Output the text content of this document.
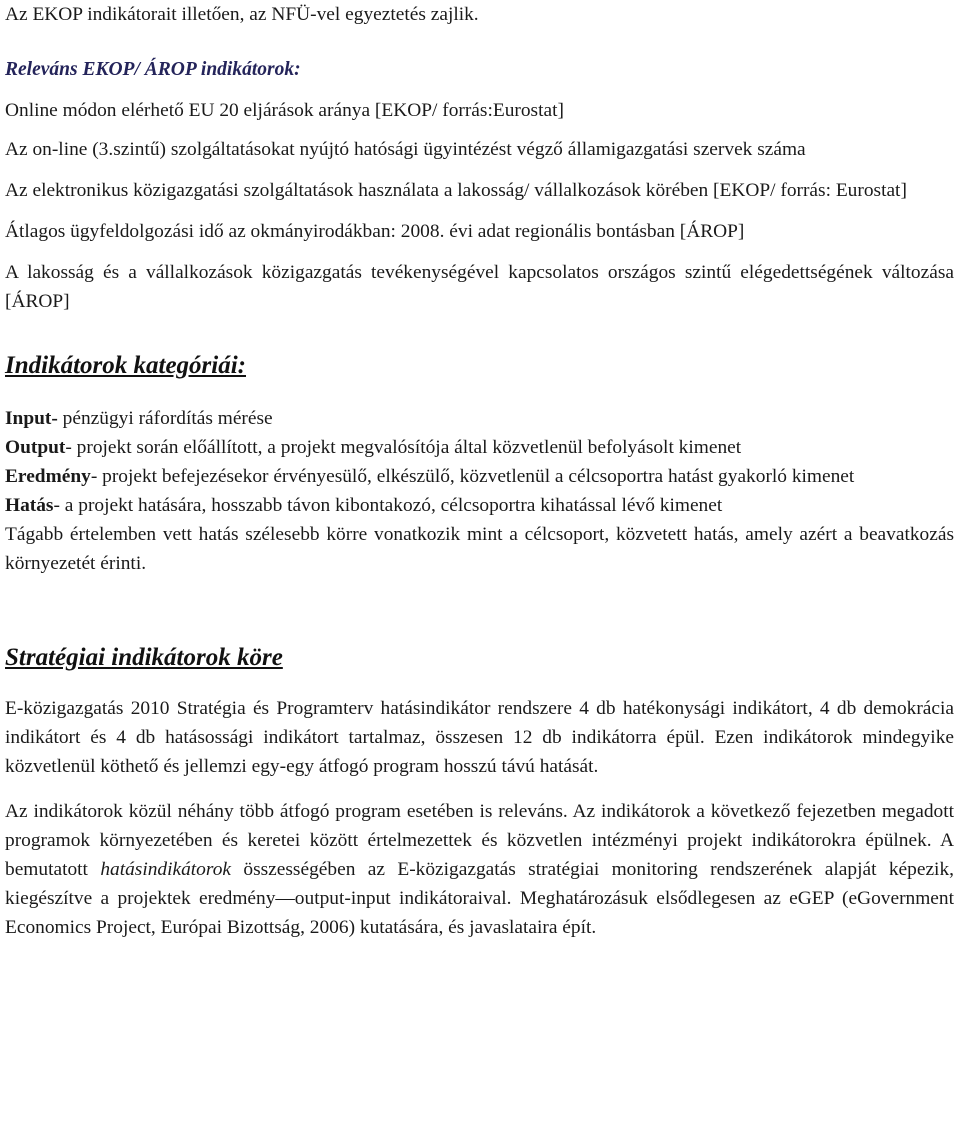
Az EKOP indikátorait illetően, az NFÜ-vel egyeztetés zajlik.

Releváns EKOP/ ÁROP indikátorok:

Online módon elérhető EU 20 eljárások aránya [EKOP/ forrás:Eurostat]

Az on-line (3.szintű) szolgáltatásokat nyújtó hatósági ügyintézést végző államigazgatási szervek száma

Az elektronikus közigazgatási szolgáltatások használata a lakosság/ vállalkozások körében [EKOP/ forrás: Eurostat]

Átlagos ügyfeldolgozási idő az okmányirodákban: 2008. évi adat regionális bontásban [ÁROP]

A lakosság és a vállalkozások közigazgatás tevékenységével kapcsolatos országos szintű elégedettségének változása [ÁROP]

Indikátorok kategóriái:

Input- pénzügyi ráfordítás mérése

Output- projekt során előállított, a projekt megvalósítója által közvetlenül befolyásolt kimenet

Eredmény- projekt befejezésekor érvényesülő, elkészülő, közvetlenül a célcsoportra hatást gyakorló kimenet

Hatás- a projekt hatására, hosszabb távon kibontakozó, célcsoportra kihatással lévő kimenet

Tágabb értelemben vett hatás szélesebb körre vonatkozik mint a célcsoport, közvetett hatás, amely azért a beavatkozás környezetét érinti.

Stratégiai indikátorok köre

E-közigazgatás 2010 Stratégia és Programterv hatásindikátor rendszere 4 db hatékonysági indikátort, 4 db demokrácia indikátort és 4 db hatásossági indikátort tartalmaz, összesen 12 db indikátorra épül. Ezen indikátorok mindegyike közvetlenül köthető és jellemzi egy-egy átfogó program hosszú távú hatását.

Az indikátorok közül néhány több átfogó program esetében is releváns. Az indikátorok a következő fejezetben megadott programok környezetében és keretei között értelmezettek és közvetlen intézményi projekt indikátorokra épülnek. A bemutatott hatásindikátorok összességében az E-közigazgatás stratégiai monitoring rendszerének alapját képezik, kiegészítve a projektek eredmény—output-input indikátoraival. Meghatározásuk elsődlegesen az eGEP (eGovernment Economics Project, Európai Bizottság, 2006) kutatására, és javaslataira épít.
